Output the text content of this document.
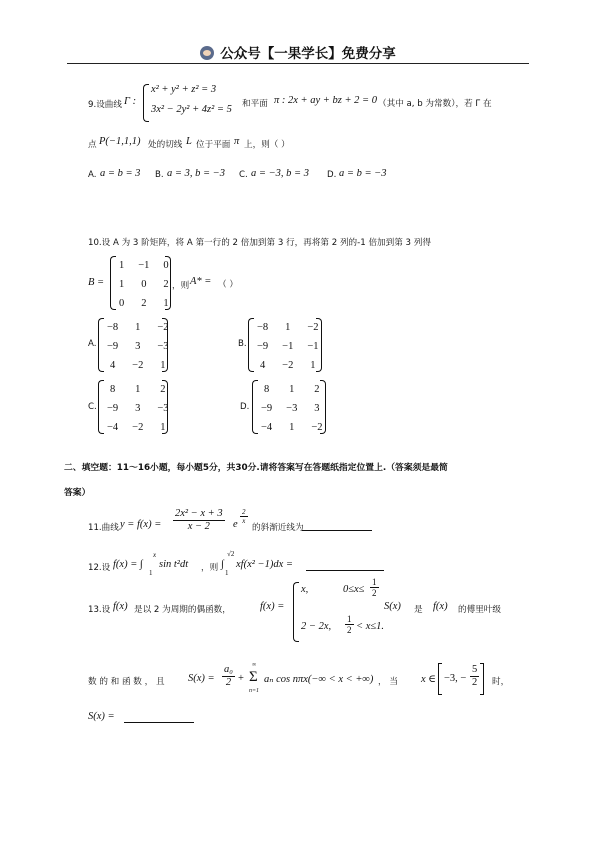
公众号【一果学长】免费分享
9.设曲线 Γ :
x² + y² + z² = 3
3x² − 2y² + 4z² = 5 和平面 π : 2x + ay + bz + 2 = 0 （其中 a, b 为常数），若 Γ 在
点 P(−1,1,1) 处的切线 L 位于平面 π 上，则（ ）
A. a = b = 3 B. a = 3, b = −3 C. a = −3, b = 3 D. a = b = −3
10.设 A 为 3 阶矩阵，将 A 第一行的 2 倍加到第 3 行，再将第 2 列的-1 倍加到第 3 列得
B =
1	−1	0
1	0	2
0	2	1
，则 A* = （ ）
A.
−8	1	−2
−9	3	−3
4	−2	1
B.
−8	1	−2
−9	−1	−1
4	−2	1
C.
8	1	2
−9	3	−3
−4	−2	1
D.
8	1	2
−9	−3	3
−4	1	−2
二、填空题：11～16小题，每小题5分，共30分.请将答案写在答题纸指定位置上.（答案须是最简
答案）
11.曲线 $y = f(x) = \frac{\text{2x² − x + 3}}{x - 2}$ e $\frac{2}{x}$
的斜渐近线为
12.设 f(x) = ∫
x
1
sin t²dt ，则 ∫
√2
1
xf(x² −1)dx =
13.设 f(x) 是以 2 为周期的偶函数，	f(x) =
x,	$0\le x\le \frac{1}{2}$
2 − 2x, $\frac{1}{2} < x\le 1$.
S(x) 是 f(x) 的傅里叶级
数 的 和 函 数 ， 且 $S(x) = \frac{\text{a₀}}{2} + \Sigma$
∞
n=1
aₙ cos nπx(−∞ < x < +∞) ， 当 x ∈ −3, − $\frac{5}{2}$ 时，
S(x) =
